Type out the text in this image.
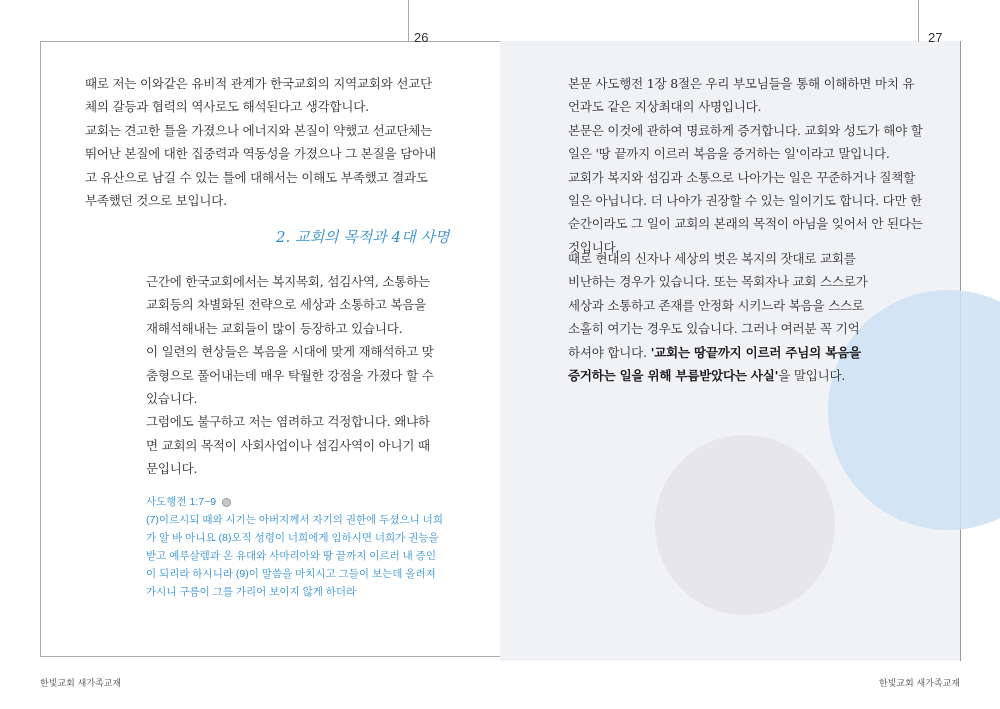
26

때로 저는 이와같은 유비적 관계가 한국교회의 지역교회와 선교단체의 갈등과 협력의 역사로도 해석된다고 생각합니다.

교회는 견고한 틀을 가졌으나 에너지와 본질이 약했고 선교단체는 뛰어난 본질에 대한 집중력과 역동성을 가졌으나 그 본질을 담아내고 유산으로 남길 수 있는 틀에 대해서는 이해도 부족했고 결과도 부족했던 것으로 보입니다.

2. 교회의 목적과 4대 사명

근간에 한국교회에서는 복지목회, 섬김사역, 소통하는 교회등의 차별화된 전략으로 세상과 소통하고 복음을 재해석해내는 교회들이 많이 등장하고 있습니다.

이 일련의 현상들은 복음을 시대에 맞게 재해석하고 맞춤형으로 풀어내는데 매우 탁월한 강점을 가졌다 할 수 있습니다.

그럼에도 불구하고 저는 염려하고 걱정합니다. 왜냐하면 교회의 목적이 사회사업이나 섬김사역이 아니기 때문입니다.

사도행전 1:7~9
(7)이르시되 때와 시기는 아버지께서 자기의 권한에 두셨으니 너희가 알 바 아니요 (8)오직 성령이 너희에게 임하시면 너희가 권능을 받고 예루살렘과 온 유대와 사마리아와 땅 끝까지 이르러 내 증인이 되리라 하시니라 (9)이 말씀을 마치시고 그들이 보는데 올려져 가시니 구름이 그를 가리어 보이지 않게 하더라
한빛교회 새가족교재
27

본문 사도행전 1장 8절은 우리 부모님들을 통해 이해하면 마치 유언과도 같은 지상최대의 사명입니다.

본문은 이것에 관하여 명료하게 증거합니다. 교회와 성도가 해야 할 일은 '땅 끝까지 이르러 복음을 증거하는 일'이라고 말입니다.

교회가 복지와 섬김과 소통으로 나아가는 일은 꾸준하거나 질책할 일은 아닙니다. 더 나아가 권장할 수 있는 일이기도 합니다. 다만 한 순간이라도 그 일이 교회의 본래의 목적이 아님을 잊어서 안 된다는 것입니다.

때로 현대의 신자나 세상의 벗은 복지의 잣대로 교회를 비난하는 경우가 있습니다. 또는 목회자나 교회 스스로가 세상과 소통하고 존재를 안정화 시키느라 복음을 스스로 소홀히 여기는 경우도 있습니다. 그러나 여러분 꼭 기억하셔야 합니다. '교회는 땅끝까지 이르러 주님의 복음을 증거하는 일을 위해 부름받았다는 사실'을 말입니다.

한빛교회 새가족교재
